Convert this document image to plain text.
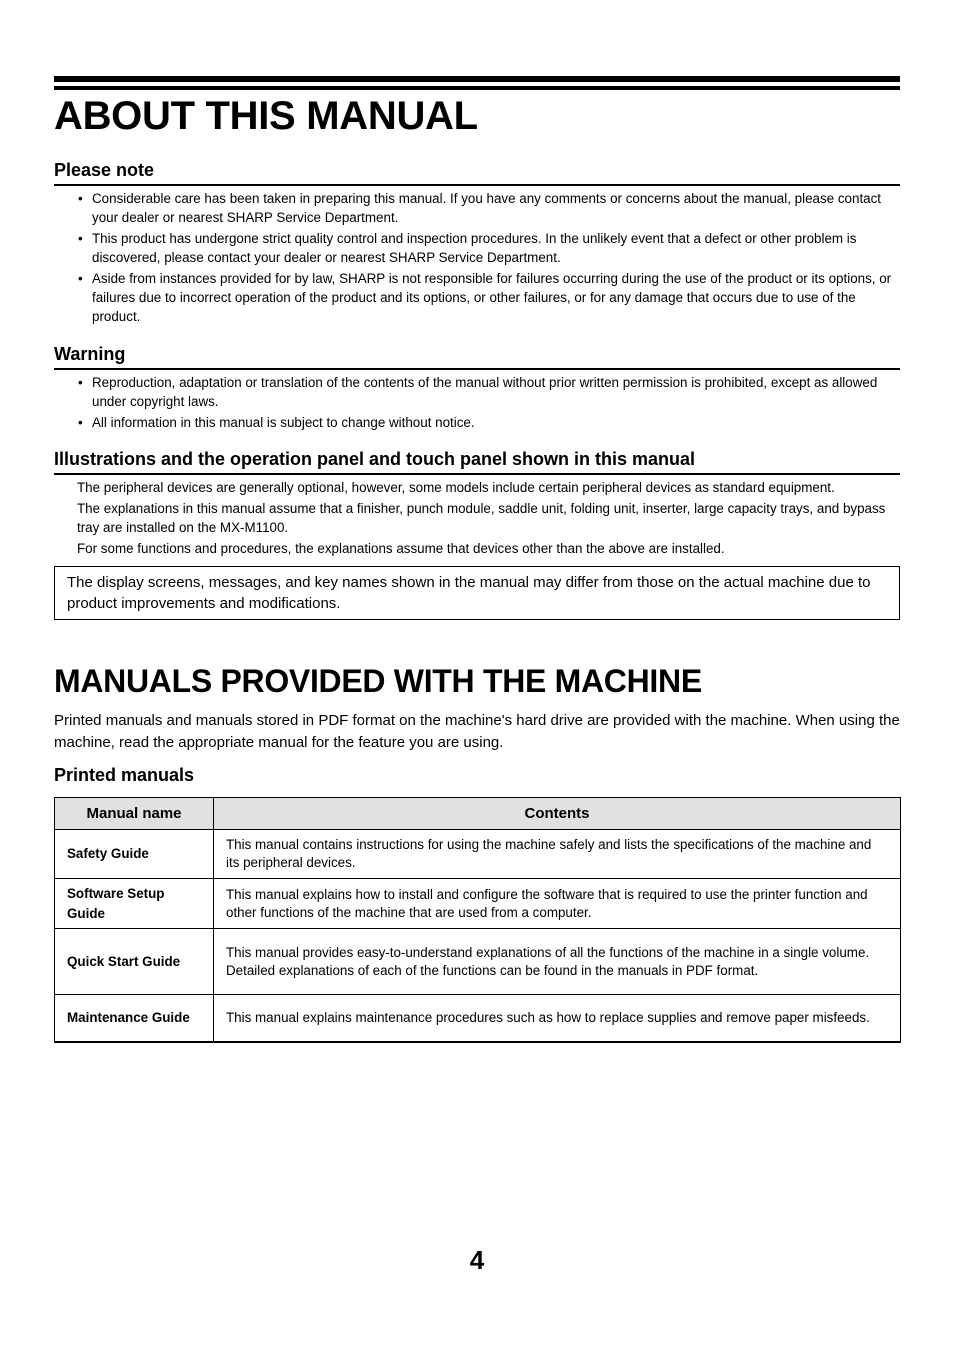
ABOUT THIS MANUAL
Please note
• Considerable care has been taken in preparing this manual. If you have any comments or concerns about the manual, please contact your dealer or nearest SHARP Service Department.
• This product has undergone strict quality control and inspection procedures. In the unlikely event that a defect or other problem is discovered, please contact your dealer or nearest SHARP Service Department.
• Aside from instances provided for by law, SHARP is not responsible for failures occurring during the use of the product or its options, or failures due to incorrect operation of the product and its options, or other failures, or for any damage that occurs due to use of the product.
Warning
• Reproduction, adaptation or translation of the contents of the manual without prior written permission is prohibited, except as allowed under copyright laws.
• All information in this manual is subject to change without notice.
Illustrations and the operation panel and touch panel shown in this manual

The peripheral devices are generally optional, however, some models include certain peripheral devices as standard equipment.

The explanations in this manual assume that a finisher, punch module, saddle unit, folding unit, inserter, large capacity trays, and bypass tray are installed on the MX-M1100.

For some functions and procedures, the explanations assume that devices other than the above are installed.

The display screens, messages, and key names shown in the manual may differ from those on the actual machine due to product improvements and modifications.
MANUALS PROVIDED WITH THE MACHINE
Printed manuals and manuals stored in PDF format on the machine's hard drive are provided with the machine. When using the machine, read the appropriate manual for the feature you are using.
Printed manuals
Manual name	Contents
Safety Guide	This manual contains instructions for using the machine safely and lists the specifications of the machine and its peripheral devices.

Software Setup Guide	This manual explains how to install and configure the software that is required to use the printer function and other functions of the machine that are used from a computer.

Quick Start Guide	This manual provides easy-to-understand explanations of all the functions of the machine in a single volume.
Detailed explanations of each of the functions can be found in the manuals in PDF format.

Maintenance Guide	This manual explains maintenance procedures such as how to replace supplies and remove paper misfeeds.
4
